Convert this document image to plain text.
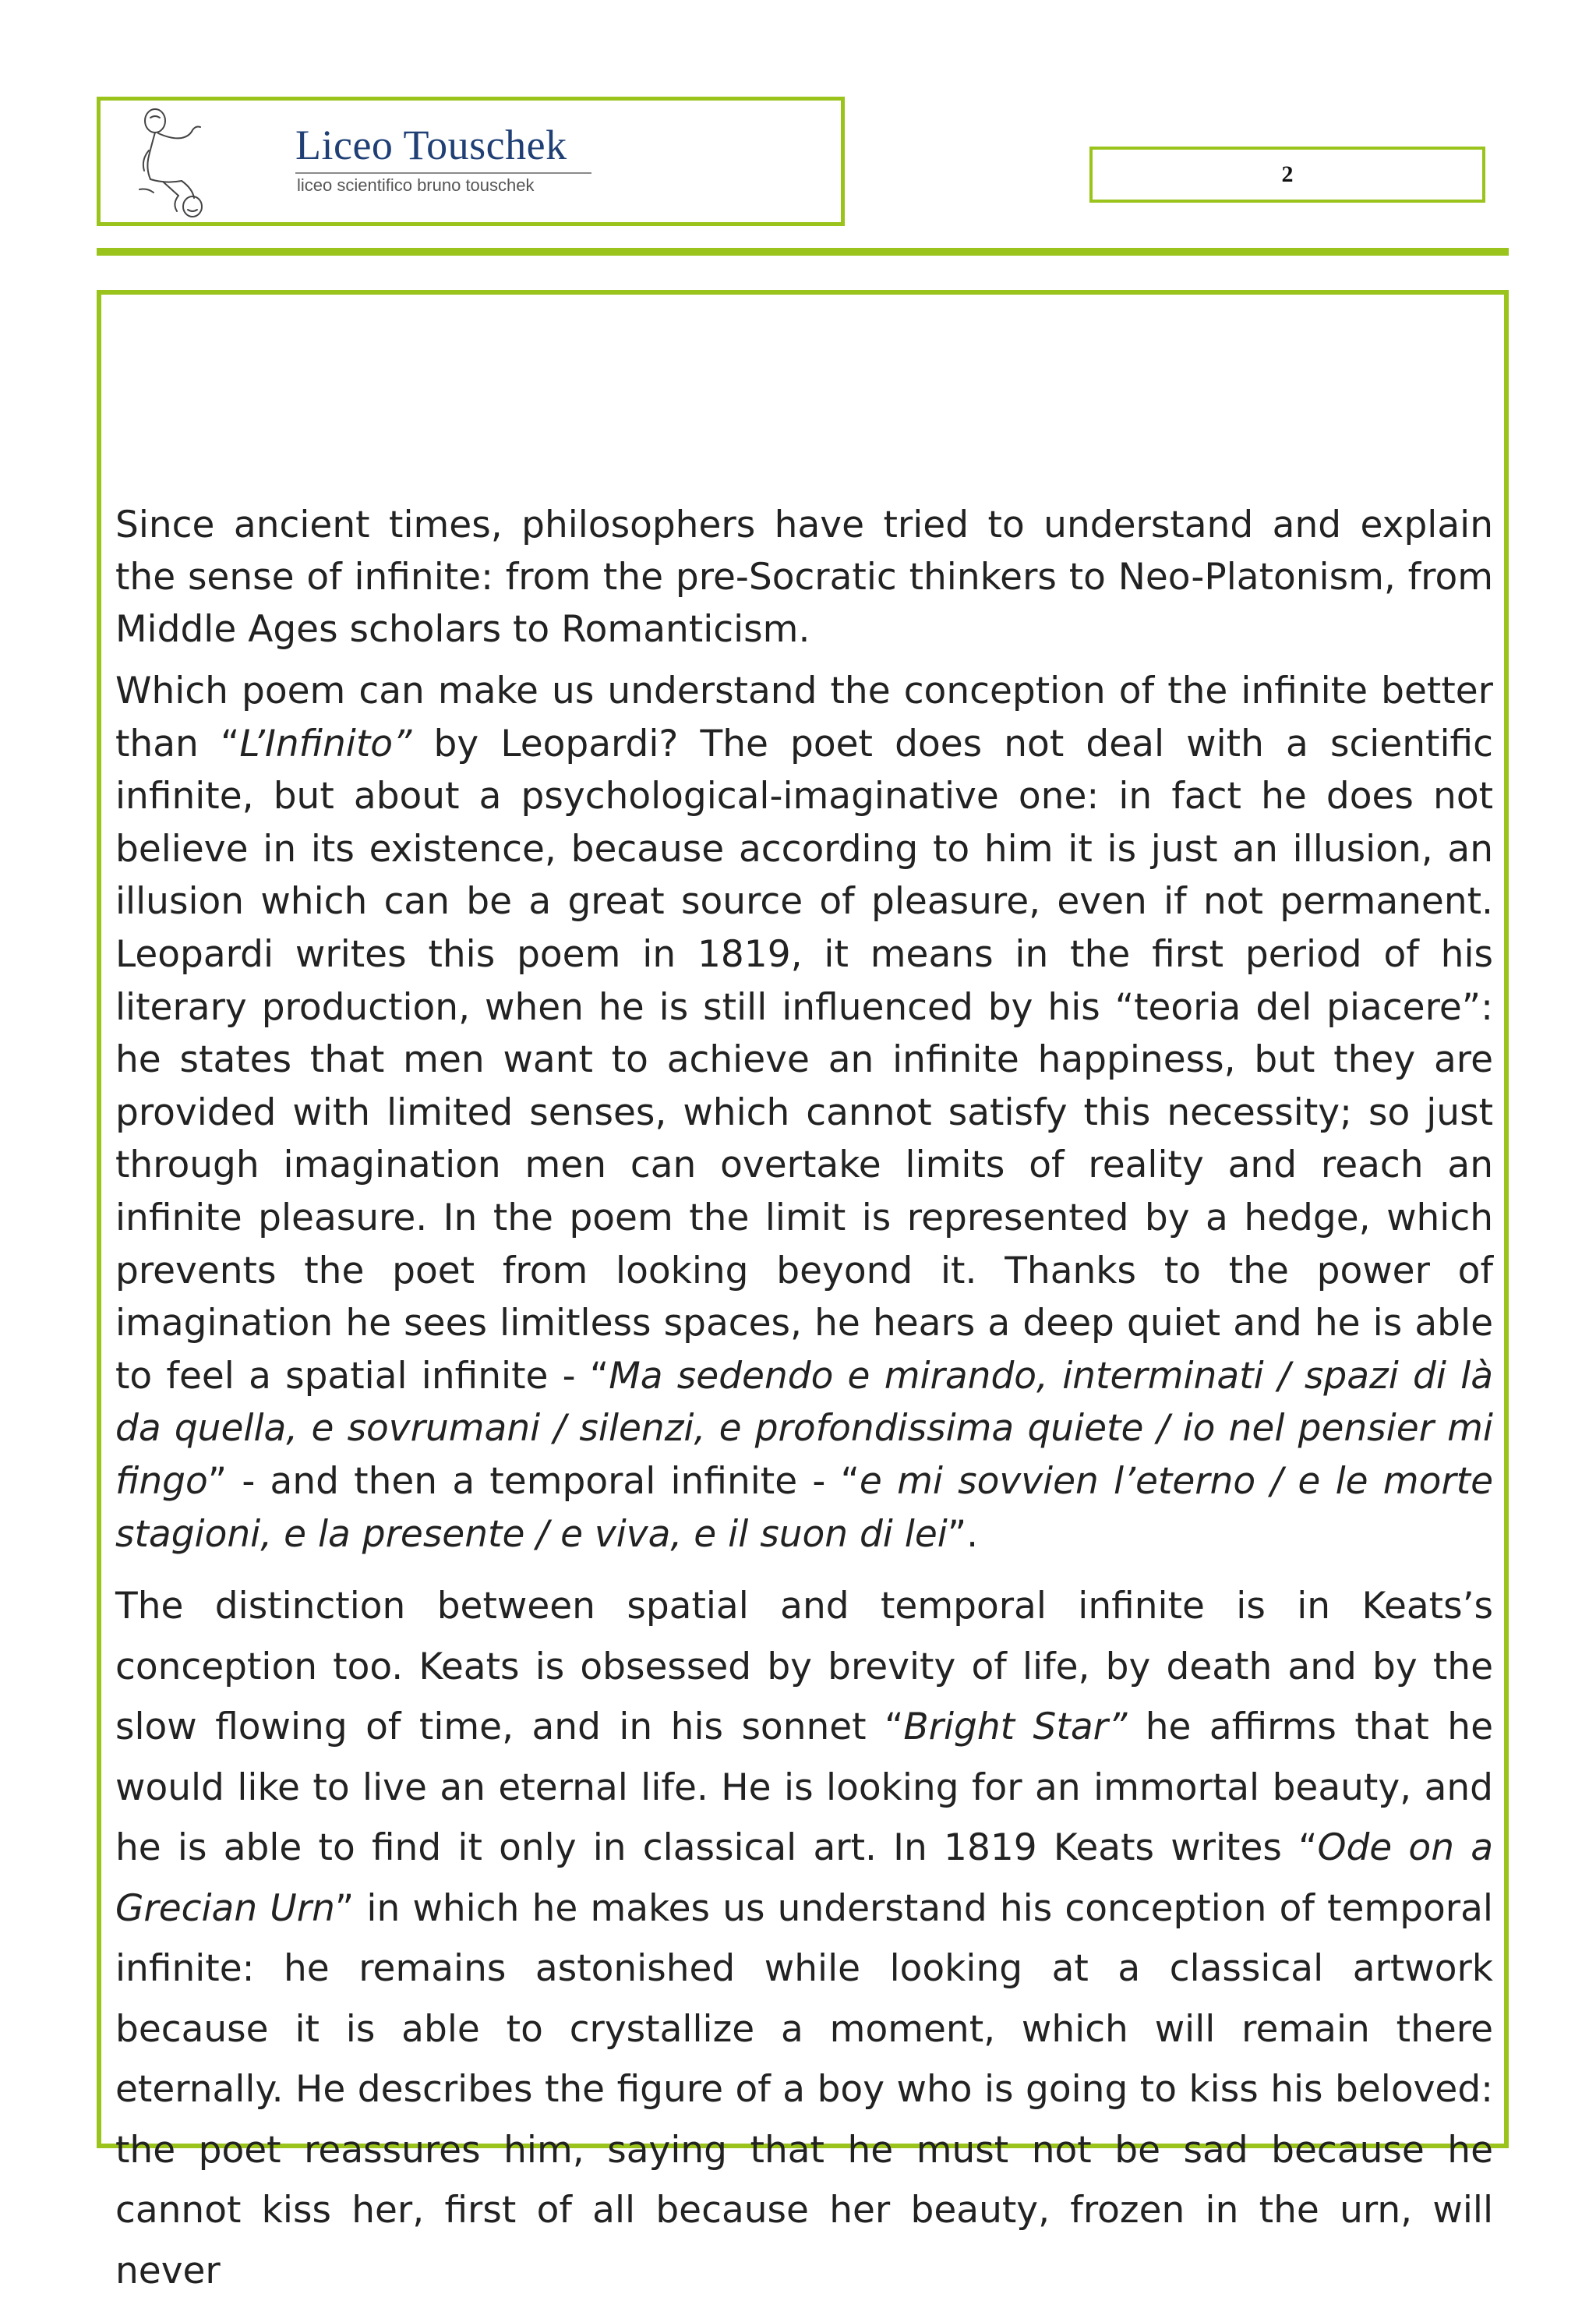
Liceo Touschek
liceo scientifico bruno touschek	2

Since ancient times, philosophers have tried to understand and explain the sense of infinite: from the pre-Socratic thinkers to Neo-Platonism, from Middle Ages scholars to Romanticism.

Which poem can make us understand the conception of the infinite better than “L’Infinito” by Leopardi? The poet does not deal with a scientific infinite, but about a psychological-imaginative one: in fact he does not believe in its existence, because according to him it is just an illusion, an illusion which can be a great source of pleasure, even if not permanent. Leopardi writes this poem in 1819, it means in the first period of his literary production, when he is still influenced by his “teoria del piacere”: he states that men want to achieve an infinite happiness, but they are provided with limited senses, which cannot satisfy this necessity; so just through imagination men can overtake limits of reality and reach an infinite pleasure. In the poem the limit is represented by a hedge, which prevents the poet from looking beyond it. Thanks to the power of imagination he sees limitless spaces, he hears a deep quiet and he is able to feel a spatial infinite - “Ma sedendo e mirando, interminati / spazi di là da quella, e sovrumani / silenzi, e profondissima quiete / io nel pensier mi fingo” - and then a temporal infinite - “e mi sovvien l’eterno / e le morte stagioni, e la presente / e viva, e il suon di lei”.

The distinction between spatial and temporal infinite is in Keats’s conception too. Keats is obsessed by brevity of life, by death and by the slow flowing of time, and in his sonnet “Bright Star” he affirms that he would like to live an eternal life. He is looking for an immortal beauty, and he is able to find it only in classical art. In 1819 Keats writes “Ode on a Grecian Urn” in which he makes us understand his conception of temporal infinite: he remains astonished while looking at a classical artwork because it is able to crystallize a moment, which will remain there eternally. He describes the figure of a boy who is going to kiss his beloved: the poet reassures him, saying that he must not be sad because he cannot kiss her, first of all because her beauty, frozen in the urn, will never
